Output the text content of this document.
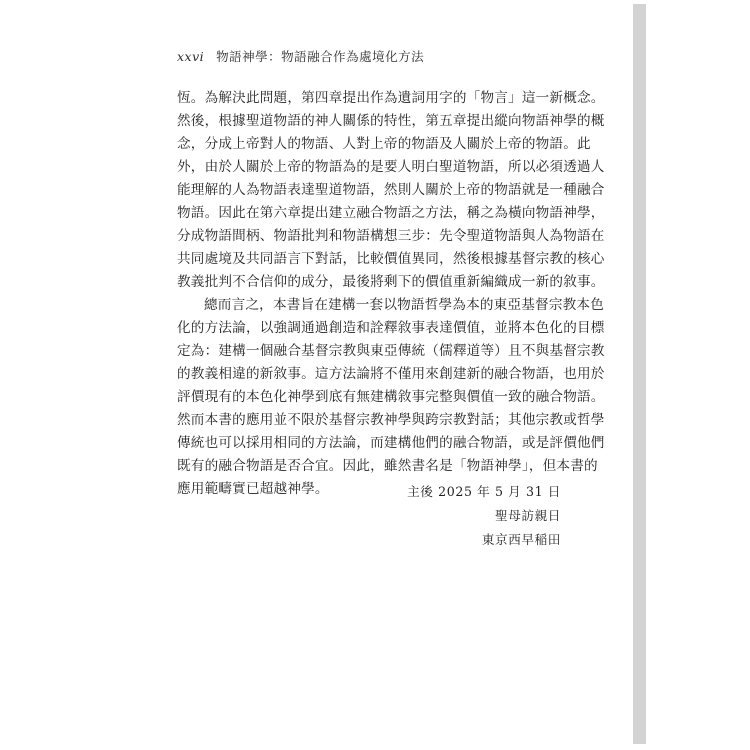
xxvi 物語神學：物語融合作為處境化方法

恆。為解決此問題，第四章提出作為遺詞用字的「物言」這一新概念。
然後，根據聖道物語的神人關係的特性，第五章提出縱向物語神學的概
念，分成上帝對人的物語、人對上帝的物語及人關於上帝的物語。此
外，由於人關於上帝的物語為的是要人明白聖道物語，所以必須透過人
能理解的人為物語表達聖道物語，然則人關於上帝的物語就是一種融合
物語。因此在第六章提出建立融合物語之方法，稱之為橫向物語神學，
分成物語間柄、物語批判和物語構想三步：先令聖道物語與人為物語在
共同處境及共同語言下對話，比較價值異同，然後根據基督宗教的核心
教義批判不合信仰的成分，最後將剩下的價值重新編織成一新的敘事。

總而言之，本書旨在建構一套以物語哲學為本的東亞基督宗教本色
化的方法論，以強調通過創造和詮釋敘事表達價值，並將本色化的目標
定為：建構一個融合基督宗教與東亞傳統（儒釋道等）且不與基督宗教
的教義相違的新敘事。這方法論將不僅用來創建新的融合物語，也用於
評價現有的本色化神學到底有無建構敘事完整與價值一致的融合物語。
然而本書的應用並不限於基督宗教神學與跨宗教對話；其他宗教或哲學
傳統也可以採用相同的方法論，而建構他們的融合物語，或是評價他們
既有的融合物語是否合宜。因此，雖然書名是「物語神學」，但本書的
應用範疇實已超越神學。	主後 2025 年 5 月 31 日
聖母訪親日
東京西早稲田
